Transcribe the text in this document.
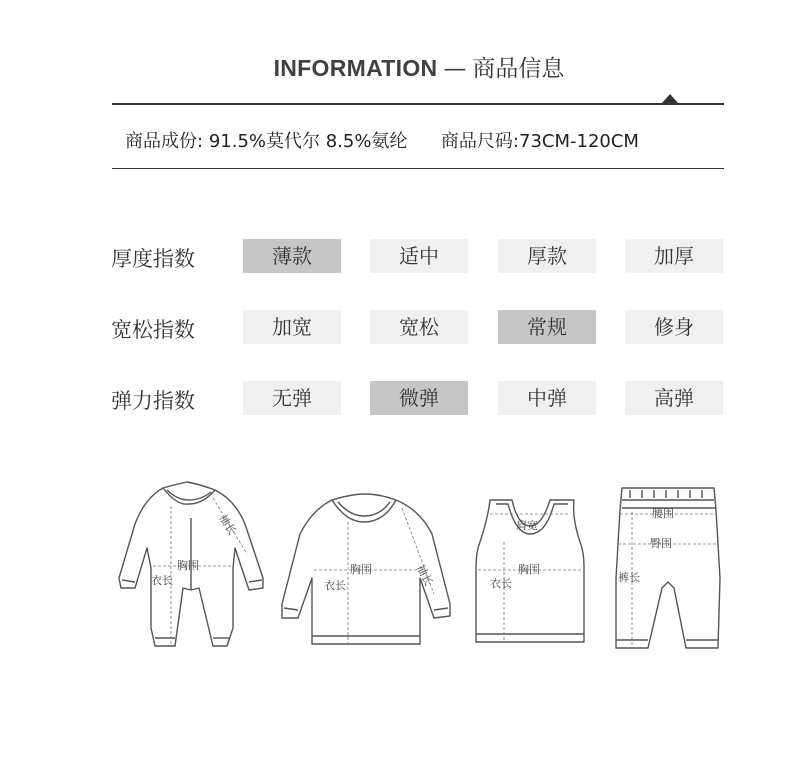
INFORMATION — 商品信息
商品成份: 91.5%莫代尔 8.5%氨纶 商品尺码:73CM-120CM
厚度指数	薄款	适中	厚款	加厚
宽松指数	加宽	宽松	常规	修身
弹力指数	无弹	微弹	中弹	高弹
胸围
衣长
袖长
胸围
衣长	袖长
肩宽
胸围
衣长
腰围
臀围
裤长
